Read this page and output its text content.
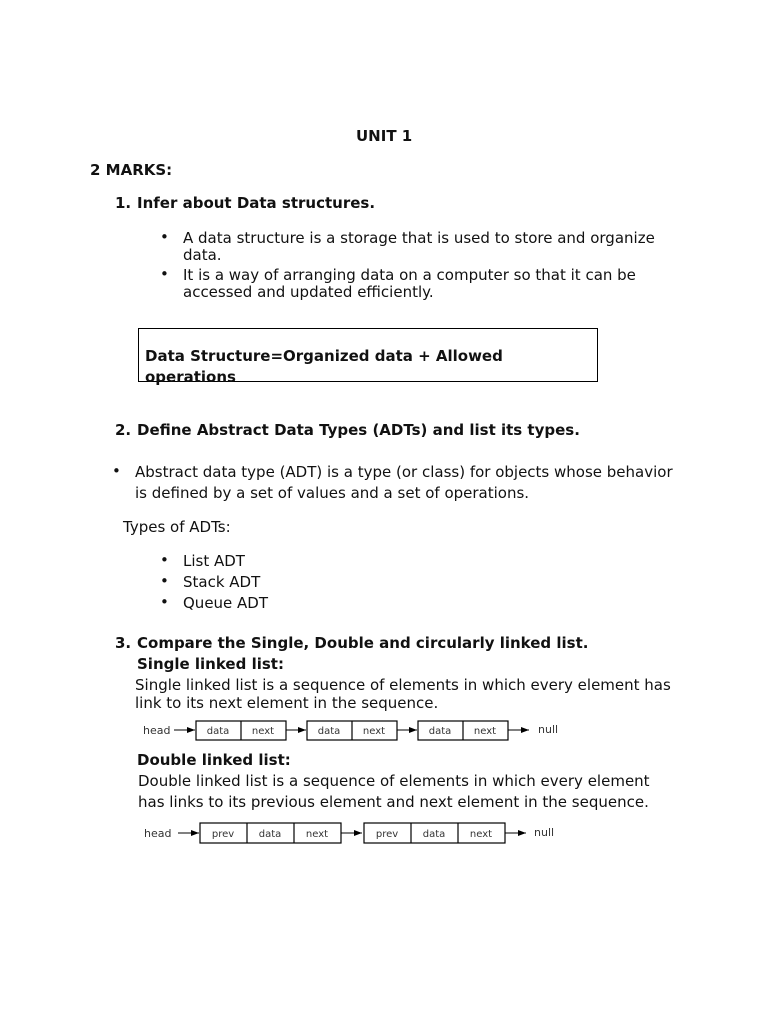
UNIT 1
2 MARKS:
1. Infer about Data structures.
• A data structure is a storage that is used to store and organize
data.
• It is a way of arranging data on a computer so that it can be
accessed and updated efficiently.
Data Structure=Organized data + Allowed operations
2. Define Abstract Data Types (ADTs) and list its types.
• Abstract data type (ADT) is a type (or class) for objects whose behavior
is defined by a set of values and a set of operations.
Types of ADTs:
• List ADT
• Stack ADT
• Queue ADT
3. Compare the Single, Double and circularly linked list.
Single linked list:
Single linked list is a sequence of elements in which every element has
link to its next element in the sequence.
head	data next	data next	data next	null
Double linked list:
Double linked list is a sequence of elements in which every element
has links to its previous element and next element in the sequence.
head	prev data next	prev data next	null
